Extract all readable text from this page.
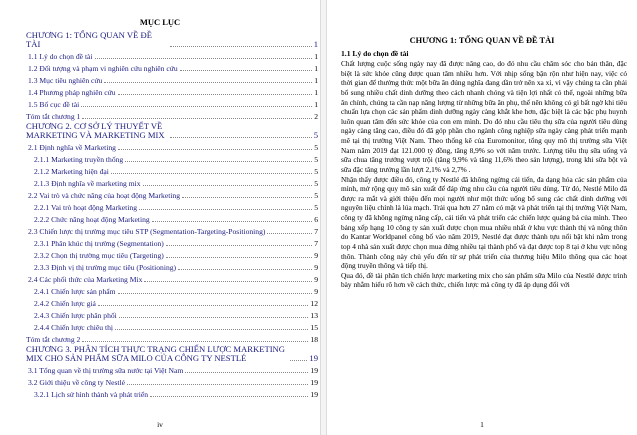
MỤC LỤC
CHƯƠNG 1: TỔNG QUAN VỀ ĐỀ TÀI	1
1.1 Lý do chọn đề tài	1
1.2 Đối tượng và phạm vi nghiên cứu nghiên cứu	1
1.3 Mục tiêu nghiên cứu	1
1.4 Phương pháp nghiên cứu	1
1.5 Bố cục đề tài	1
Tóm tắt chương 1	2
CHƯƠNG 2. CƠ SỞ LÝ THUYẾT VỀ MARKETING VÀ MARKETING MIX	5
2.1 Định nghĩa về Marketing	5
2.1.1 Marketing truyền thống	5
2.1.2 Marketing hiện đại	5
2.1.3 Định nghĩa về marketing mix	5
2.2 Vai trò và chức năng của hoạt động Marketing	5
2.2.1 Vai trò hoạt động Marketing	5
2.2.2 Chức năng hoạt động Marketing	6
2.3 Chiến lược thị trường mục tiêu STP (Segmentation-Targeting-Positioning)	7
2.3.1 Phân khúc thị trường (Segmentation)	7
2.3.2 Chọn thị trường mục tiêu (Targeting)	9
2.3.3 Định vị thị trường mục tiêu (Positioning)	9
2.4 Các phối thức của Marketing Mix	9
2.4.1 Chiến lược sản phẩm	9
2.4.2 Chiến lược giá	12
2.4.3 Chiến lược phân phối	13
2.4.4 Chiến lược chiêu thị	15
Tóm tắt chương 2	18
CHƯƠNG 3. PHÂN TÍCH THỰC TRẠNG CHIẾN LƯỢC MARKETING MIX CHO SẢN PHẨM SỮA MILO CỦA CÔNG TY NESTLÉ	19
3.1 Tổng quan về thị trường sữa nước tại Việt Nam	19
3.2 Giới thiệu về công ty Nestlé	19
3.2.1 Lịch sử hình thành và phát triển	19
iv
CHƯƠNG 1: TỔNG QUAN VỀ ĐỀ TÀI
1.1 Lý do chọn đề tài

Chất lượng cuộc sống ngày nay đã được nâng cao, do đó nhu cầu chăm sóc cho bản thân, đặc biệt là sức khỏe cũng được quan tâm nhiều hơn. Với nhịp sống bận rộn như hiện nay, việc có thời gian để thưởng thức một bữa ăn đúng nghĩa đang dần trở nên xa xỉ, vì vậy chúng ta cần phải bổ sung nhiều chất dinh dưỡng theo cách nhanh chóng và tiện lợi nhất có thể, ngoài những bữa ăn chính, chúng ta cần nạp năng lượng từ những bữa ăn phụ, thế nên không có gì bất ngờ khi tiêu chuẩn lựa chọn các sản phẩm dinh dưỡng ngày càng khắt khe hơn, đặc biệt là các bậc phụ huynh luôn quan tâm đến sức khỏe của con em mình. Do đó nhu cầu tiêu thụ sữa của người tiêu dùng ngày càng tăng cao, điều đó đã góp phần cho ngành công nghiệp sữa ngày càng phát triển mạnh mẽ tại thị trường Việt Nam. Theo thống kê của Euromonitor, tổng quy mô thị trường sữa Việt Nam năm 2019 đạt 121.000 tỷ đồng, tăng 8,9% so với năm trước. Lượng tiêu thụ sữa uống và sữa chua tăng trưởng vượt trội (tăng 9,9% và tăng 11,6% theo sản lượng), trong khi sữa bột và sữa đặc tăng trưởng lần lượt 2,1% và 2,7% .

Nhận thấy được điều đó, công ty Nestlé đã không ngừng cải tiến, đa dạng hóa các sản phẩm của mình, mở rộng quy mô sản xuất để đáp ứng nhu cầu của người tiêu dùng. Từ đó, Nestlé Milo đã được ra mắt và giới thiệu đến mọi người như một thức uống bổ sung các chất dinh dưỡng với nguyên liệu chính là lúa mạch. Trải qua hơn 27 năm có mặt và phát triển tại thị trường Việt Nam, công ty đã không ngừng nâng cấp, cải tiến và phát triển các chiến lược quảng bá của mình. Theo bảng xếp hạng 10 công ty sản xuất được chọn mua nhiều nhất ở khu vực thành thị và nông thôn do Kantar Worldpanel công bố vào năm 2019, Nestlé đạt được thành tựu nổi bật khi nằm trong top 4 nhà sản xuất được chọn mua đứng nhiều tại thành phố và đạt được top 8 tại ở khu vực nông thôn. Thành công này chủ yếu đến từ sự phát triển của thương hiệu Milo thông qua các hoạt động truyền thông và tiếp thị.

Qua đó, đề tài phân tích chiến lược marketing mix cho sản phẩm sữa Milo của Nestlé được trình bày nhằm hiểu rõ hơn về cách thức, chiến lược mà công ty đã áp dụng đối với

1
